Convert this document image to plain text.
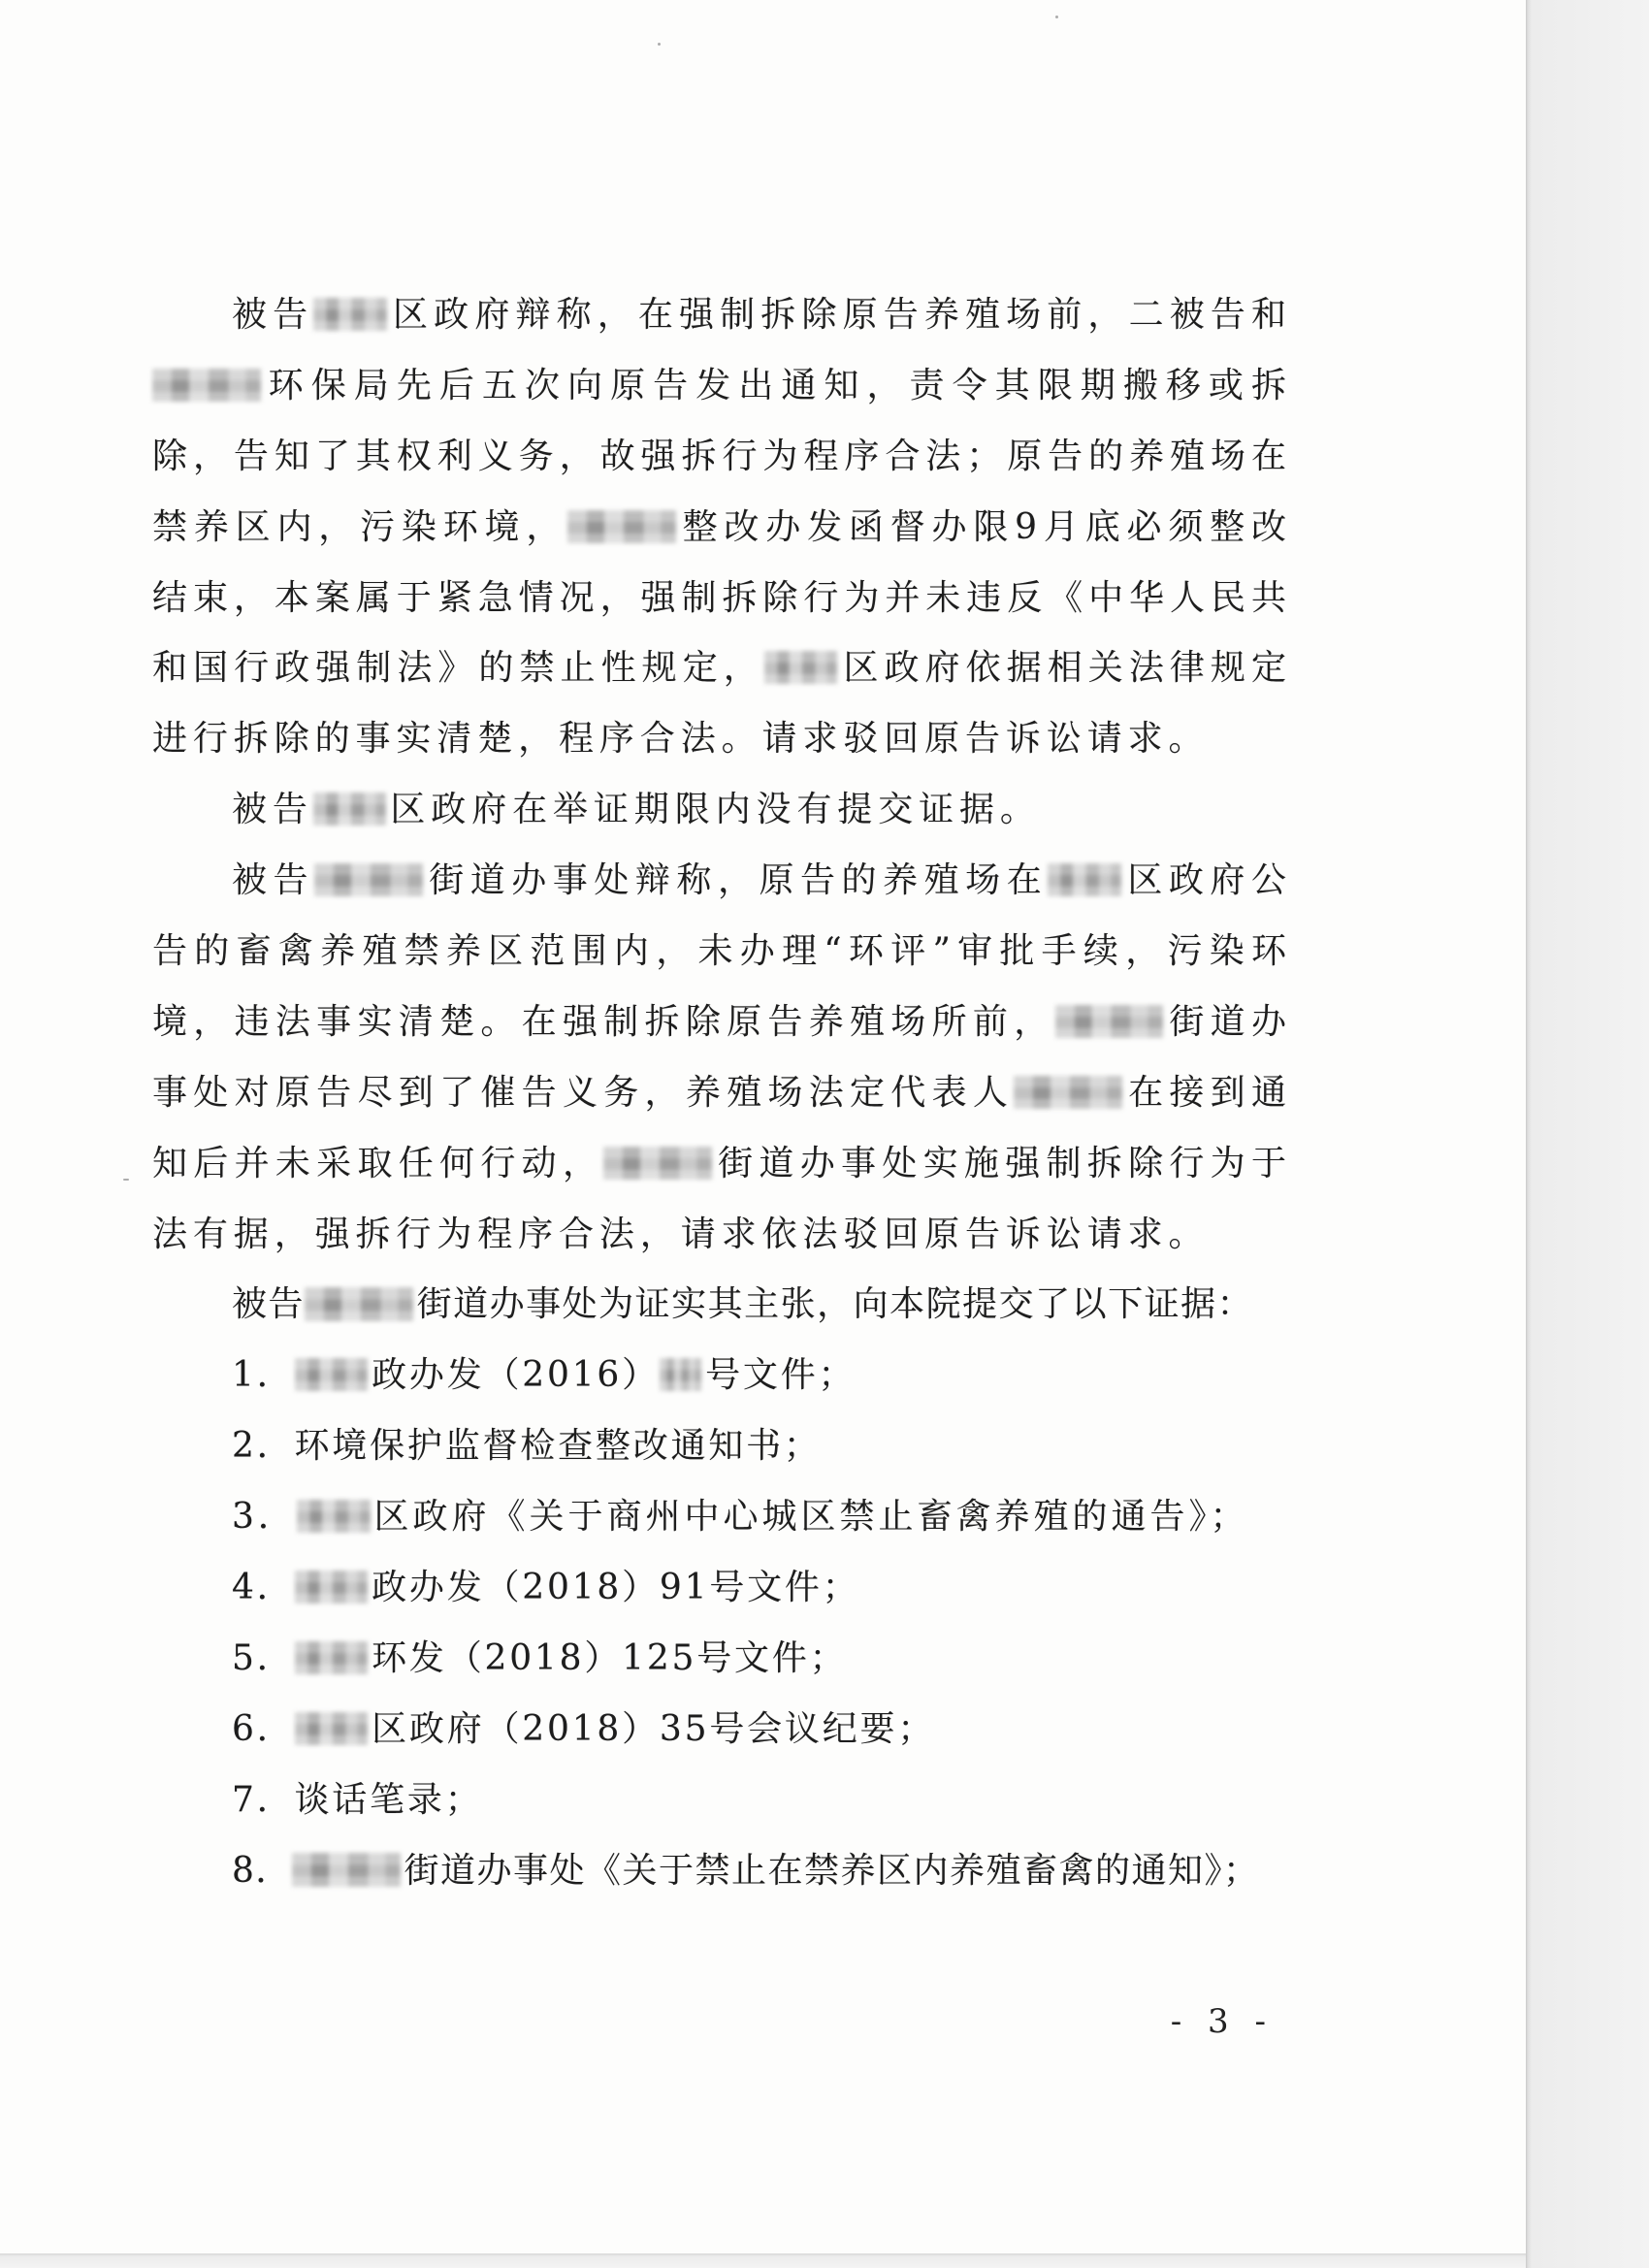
被告 区政府辩称，在强制拆除原告养殖场前，二被告和
环保局先后五次向原告发出通知，责令其限期搬移或拆
除，告知了其权利义务，故强拆行为程序合法；原告的养殖场在
禁养区内，污染环境，	整改办发函督办限9月底必须整改
结束，本案属于紧急情况，强制拆除行为并未违反《中华人民共
和国行政强制法》的禁止性规定， 区政府依据相关法律规定
进行拆除的事实清楚，程序合法。请求驳回原告诉讼请求。
被告 区政府在举证期限内没有提交证据。
被告	街道办事处辩称，原告的养殖场在 区政府公
告的畜禽养殖禁养区范围内，未办理“环评”审批手续，污染环
境，违法事实清楚。在强制拆除原告养殖场所前，	街道办
事处对原告尽到了催告义务，养殖场法定代表人	在接到通
知后并未采取任何行动，	街道办事处实施强制拆除行为于
法有据，强拆行为程序合法，请求依法驳回原告诉讼请求。
被告	街道办事处为证实其主张，向本院提交了以下证据：
1． 政办发（2016） 号文件；
2．环境保护监督检查整改通知书；
3． 区政府《关于商州中心城区禁止畜禽养殖的通告》；
4． 政办发（2018）91号文件；
5． 环发（2018）125号文件；
6． 区政府（2018）35号会议纪要；
7．谈话笔录；
8．	街道办事处《关于禁止在禁养区内养殖畜禽的通知》；
- 3 -
